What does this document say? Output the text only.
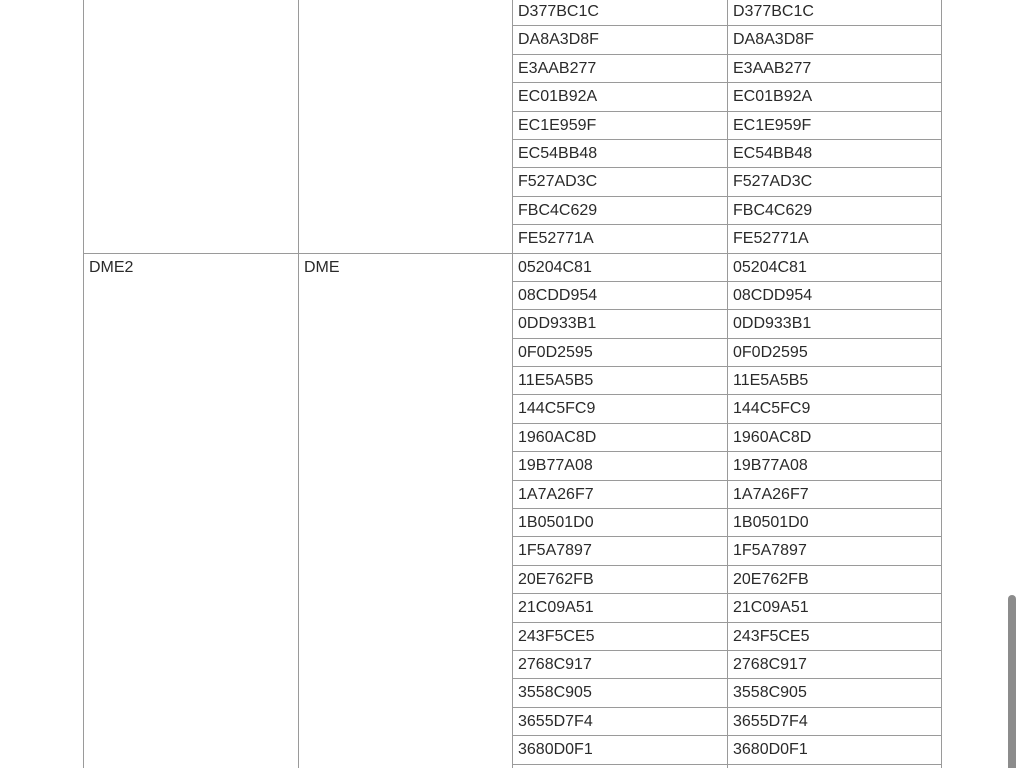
		D377BC1C	D377BC1C
		DA8A3D8F	DA8A3D8F
		E3AAB277	E3AAB277
		EC01B92A	EC01B92A
		EC1E959F	EC1E959F
		EC54BB48	EC54BB48
		F527AD3C	F527AD3C
		FBC4C629	FBC4C629
		FE52771A	FE52771A
DME2	DME	05204C81	05204C81
		08CDD954	08CDD954
		0DD933B1	0DD933B1
		0F0D2595	0F0D2595
		11E5A5B5	11E5A5B5
		144C5FC9	144C5FC9
		1960AC8D	1960AC8D
		19B77A08	19B77A08
		1A7A26F7	1A7A26F7
		1B0501D0	1B0501D0
		1F5A7897	1F5A7897
		20E762FB	20E762FB
		21C09A51	21C09A51
		243F5CE5	243F5CE5
		2768C917	2768C917
		3558C905	3558C905
		3655D7F4	3655D7F4
		3680D0F1	3680D0F1
